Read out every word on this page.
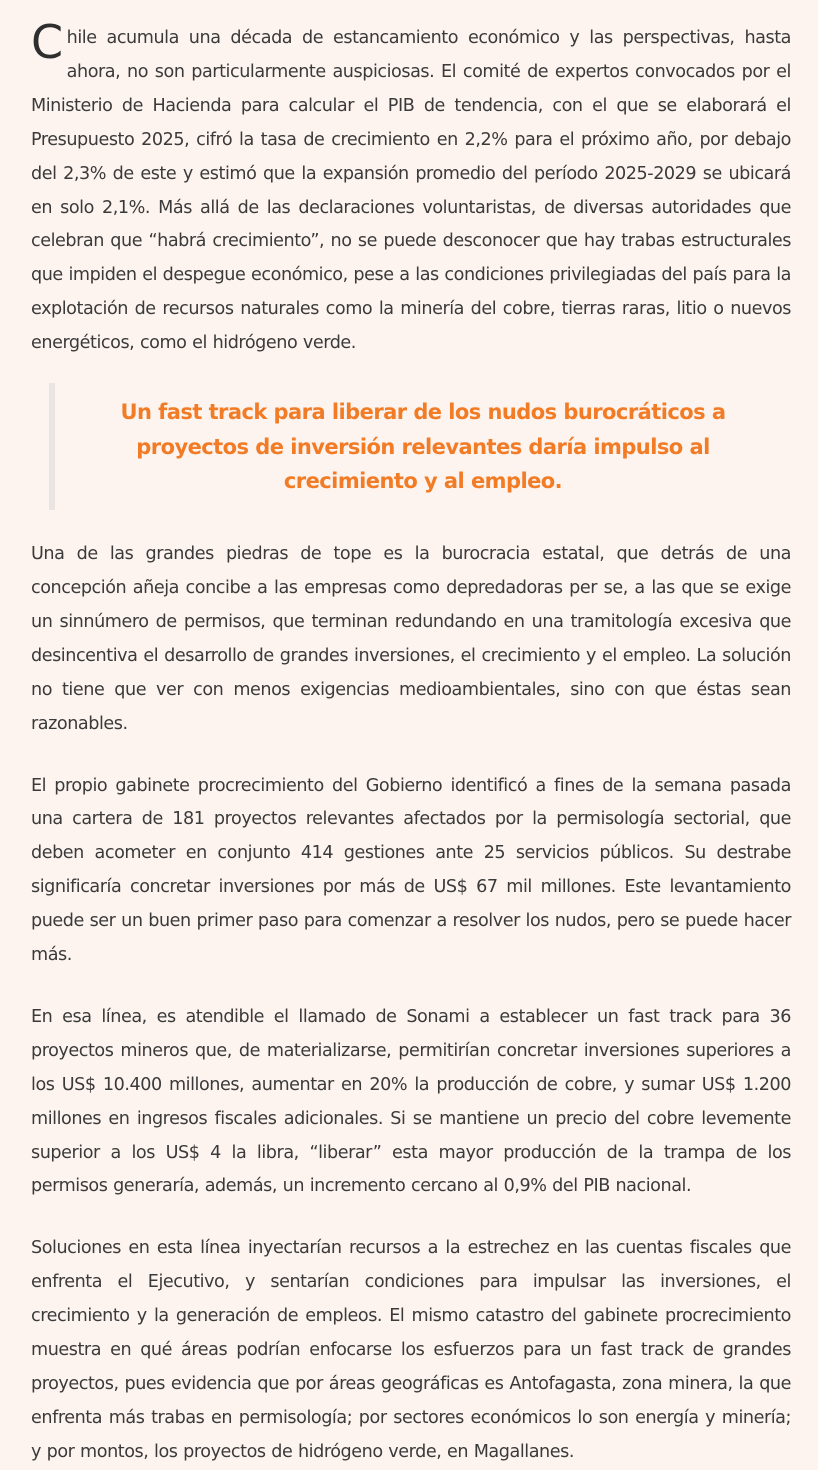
Chile acumula una década de estancamiento económico y las perspectivas, hasta ahora, no son particularmente auspiciosas. El comité de expertos convocados por el Ministerio de Hacienda para calcular el PIB de tendencia, con el que se elaborará el Presupuesto 2025, cifró la tasa de crecimiento en 2,2% para el próximo año, por debajo del 2,3% de este y estimó que la expansión promedio del período 2025-2029 se ubicará en solo 2,1%. Más allá de las declaraciones voluntaristas, de diversas autoridades que celebran que “habrá crecimiento”, no se puede desconocer que hay trabas estructurales que impiden el despegue económico, pese a las condiciones privilegiadas del país para la explotación de recursos naturales como la minería del cobre, tierras raras, litio o nuevos energéticos, como el hidrógeno verde.

Un fast track para liberar de los nudos burocráticos a proyectos de inversión relevantes daría impulso al crecimiento y al empleo.

Una de las grandes piedras de tope es la burocracia estatal, que detrás de una concepción añeja concibe a las empresas como depredadoras per se, a las que se exige un sinnúmero de permisos, que terminan redundando en una tramitología excesiva que desincentiva el desarrollo de grandes inversiones, el crecimiento y el empleo. La solución no tiene que ver con menos exigencias medioambientales, sino con que éstas sean razonables.

El propio gabinete procrecimiento del Gobierno identificó a fines de la semana pasada una cartera de 181 proyectos relevantes afectados por la permisología sectorial, que deben acometer en conjunto 414 gestiones ante 25 servicios públicos. Su destrabe significaría concretar inversiones por más de US$ 67 mil millones. Este levantamiento puede ser un buen primer paso para comenzar a resolver los nudos, pero se puede hacer más.

En esa línea, es atendible el llamado de Sonami a establecer un fast track para 36 proyectos mineros que, de materializarse, permitirían concretar inversiones superiores a los US$ 10.400 millones, aumentar en 20% la producción de cobre, y sumar US$ 1.200 millones en ingresos fiscales adicionales. Si se mantiene un precio del cobre levemente superior a los US$ 4 la libra, “liberar” esta mayor producción de la trampa de los permisos generaría, además, un incremento cercano al 0,9% del PIB nacional.

Soluciones en esta línea inyectarían recursos a la estrechez en las cuentas fiscales que enfrenta el Ejecutivo, y sentarían condiciones para impulsar las inversiones, el crecimiento y la generación de empleos. El mismo catastro del gabinete procrecimiento muestra en qué áreas podrían enfocarse los esfuerzos para un fast track de grandes proyectos, pues evidencia que por áreas geográficas es Antofagasta, zona minera, la que enfrenta más trabas en permisología; por sectores económicos lo son energía y minería; y por montos, los proyectos de hidrógeno verde, en Magallanes.
